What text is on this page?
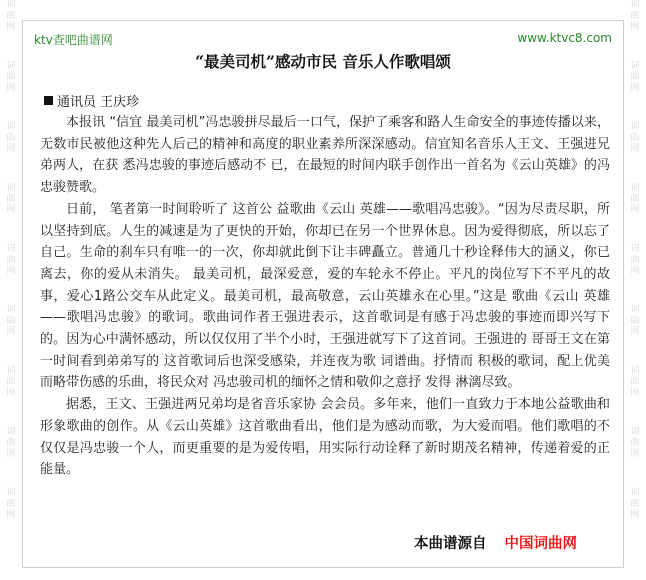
词
曲
网
词
曲
网
词
曲
网
词
曲
网
词
曲
网
词
曲
网
词
曲
网
词
曲
网
词
曲
网
词
曲
网
词
曲
网
词
曲
网
词
曲
网
词
曲
网
词
曲
网
词
曲
网
词
曲
网
词
曲
网
ktv查吧曲谱网	www.ktvc8.com
“最美司机”感动市民 音乐人作歌唱颂
通讯员 王庆珍

本报讯 “信宜 最美司机”冯忠骏拼尽最后一口气，保护了乘客和路人生命安全的事迹传播以来，无数市民被他这种先人后己的精神和高度的职业素养所深深感动。信宜知名音乐人王文、王强进兄弟两人，在获 悉冯忠骏的事迹后感动不 已，在最短的时间内联手创作出一首名为《云山英雄》的冯忠骏赞歌。

日前， 笔者第一时间聆听了 这首公 益歌曲《云山 英雄——歌唱冯忠骏》。“因为尽责尽职，所以坚持到底。人生的减速是为了更快的开始，你却已在另一个世界休息。因为爱得彻底，所以忘了自己。生命的刹车只有唯一的一次，你却就此倒下让丰碑矗立。普通几十秒诠释伟大的涵义，你已离去，你的爱从未消失。 最美司机，最深爱意，爱的车轮永不停止。平凡的岗位写下不平凡的故事，爱心1路公交车从此定义。最美司机，最高敬意，云山英雄永在心里。”这是 歌曲《云山 英雄——歌唱冯忠骏》的歌词。歌曲词作者王强进表示，这首歌词是有感于冯忠骏的事迹而即兴写下的。因为心中满怀感动，所以仅仅用了半个小时，王强进就写下了这首词。王强进的 哥哥王文在第一时间看到弟弟写的 这首歌词后也深受感染，并连夜为歌 词谱曲。抒情而 积极的歌词，配上优美而略带伤感的乐曲，将民众对 冯忠骏司机的缅怀之情和敬仰之意抒 发得 淋漓尽致。

据悉，王文、王强进两兄弟均是省音乐家协 会会员。多年来，他们一直致力于本地公益歌曲和形象歌曲的创作。从《云山英雄》这首歌曲看出，他们是为感动而歌，为大爱而唱。他们歌唱的不仅仅是冯忠骏一个人，而更重要的是为爱传唱，用实际行动诠释了新时期茂名精神，传递着爱的正能量。

本曲谱源自 中国词曲网
